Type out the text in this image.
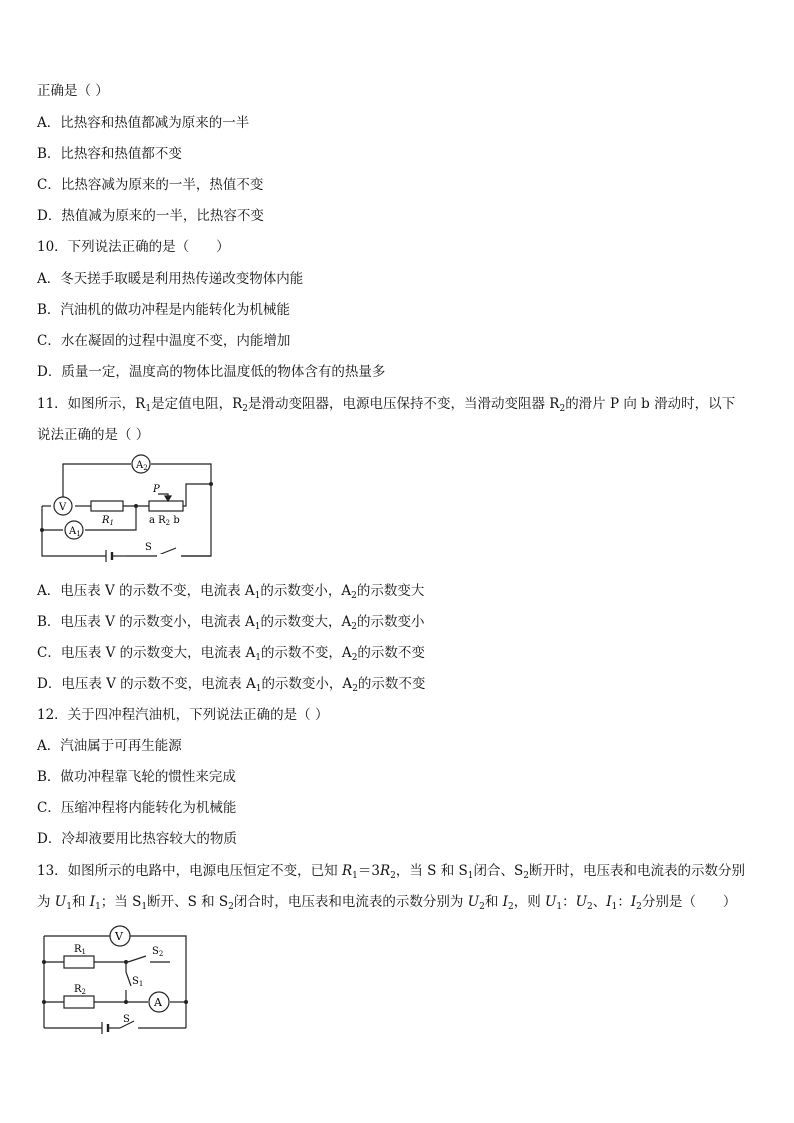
正确是（ ）
A．比热容和热值都减为原来的一半
B．比热容和热值都不变
C．比热容减为原来的一半，热值不变
D．热值减为原来的一半，比热容不变
10．下列说法正确的是（　　）
A．冬天搓手取暖是利用热传递改变物体内能
B．汽油机的做功冲程是内能转化为机械能
C．水在凝固的过程中温度不变，内能增加
D．质量一定，温度高的物体比温度低的物体含有的热量多
11．如图所示，$R_1$是定值电阻，$R_2$是滑动变阻器，电源电压保持不变，当滑动变阻器 $R_2$的滑片 P 向 b 滑动时，以下
说法正确的是（ ）
$A_2$
V
$A_1$
$R_1$
P
a $R_2$ b
S
A．电压表 V 的示数不变，电流表 $A_1$的示数变小，$A_2$的示数变大
B．电压表 V 的示数变小，电流表 $A_1$的示数变大，$A_2$的示数变小
C．电压表 V 的示数变大，电流表 $A_1$的示数不变，$A_2$的示数不变
D．电压表 V 的示数不变，电流表 $A_1$的示数变小，$A_2$的示数不变
12．关于四冲程汽油机，下列说法正确的是（ ）
A．汽油属于可再生能源
B．做功冲程靠飞轮的惯性来完成
C．压缩冲程将内能转化为机械能
D．冷却液要用比热容较大的物质
13．如图所示的电路中，电源电压恒定不变，已知 $R_1=3R_2$，当 S 和 $S_1$闭合、$S_2$断开时，电压表和电流表的示数分别
为 $U_1$和 $I_1$；当 $S_1$断开、S 和 $S_2$闭合时，电压表和电流表的示数分别为 $U_2$和 $I_2$，则 $U_1$：$U_2$、$I_1$：$I_2$分别是（　　）
V
A
$R_1$
$R_2$
$S_2$
$S_1$
S
